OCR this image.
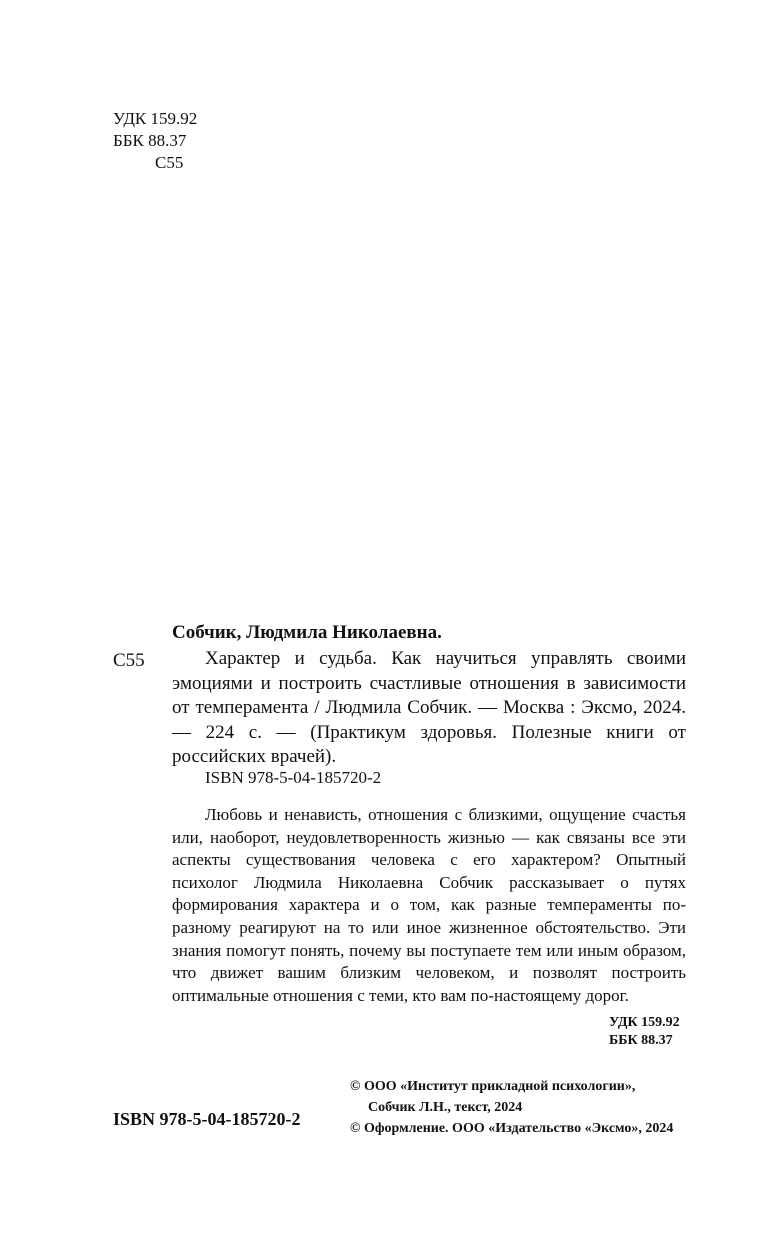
УДК 159.92
ББК 88.37
С55
Собчик, Людмила Николаевна.
С55	Характер и судьба. Как научиться управлять своими эмоциями и построить счастливые отношения в зависимости от темперамента / Людмила Собчик. — Москва : Эксмо, 2024. — 224 с. — (Практикум здоровья. Полезные книги от российских врачей).
ISBN 978-5-04-185720-2
Любовь и ненависть, отношения с близкими, ощущение счастья или, наоборот, неудовлетворенность жизнью — как связаны все эти аспекты существования человека с его характером? Опытный психолог Людмила Николаевна Собчик рассказывает о путях формирования характера и о том, как разные темпераменты по-разному реагируют на то или иное жизненное обстоятельство. Эти знания помогут понять, почему вы поступаете тем или иным образом, что движет вашим близким человеком, и позволят построить оптимальные отношения с теми, кто вам по-настоящему дорог.
УДК 159.92
ББК 88.37
© ООО «Институт прикладной психологии»,
Собчик Л.Н., текст, 2024
© Оформление. ООО «Издательство «Эксмо», 2024
ISBN 978-5-04-185720-2
